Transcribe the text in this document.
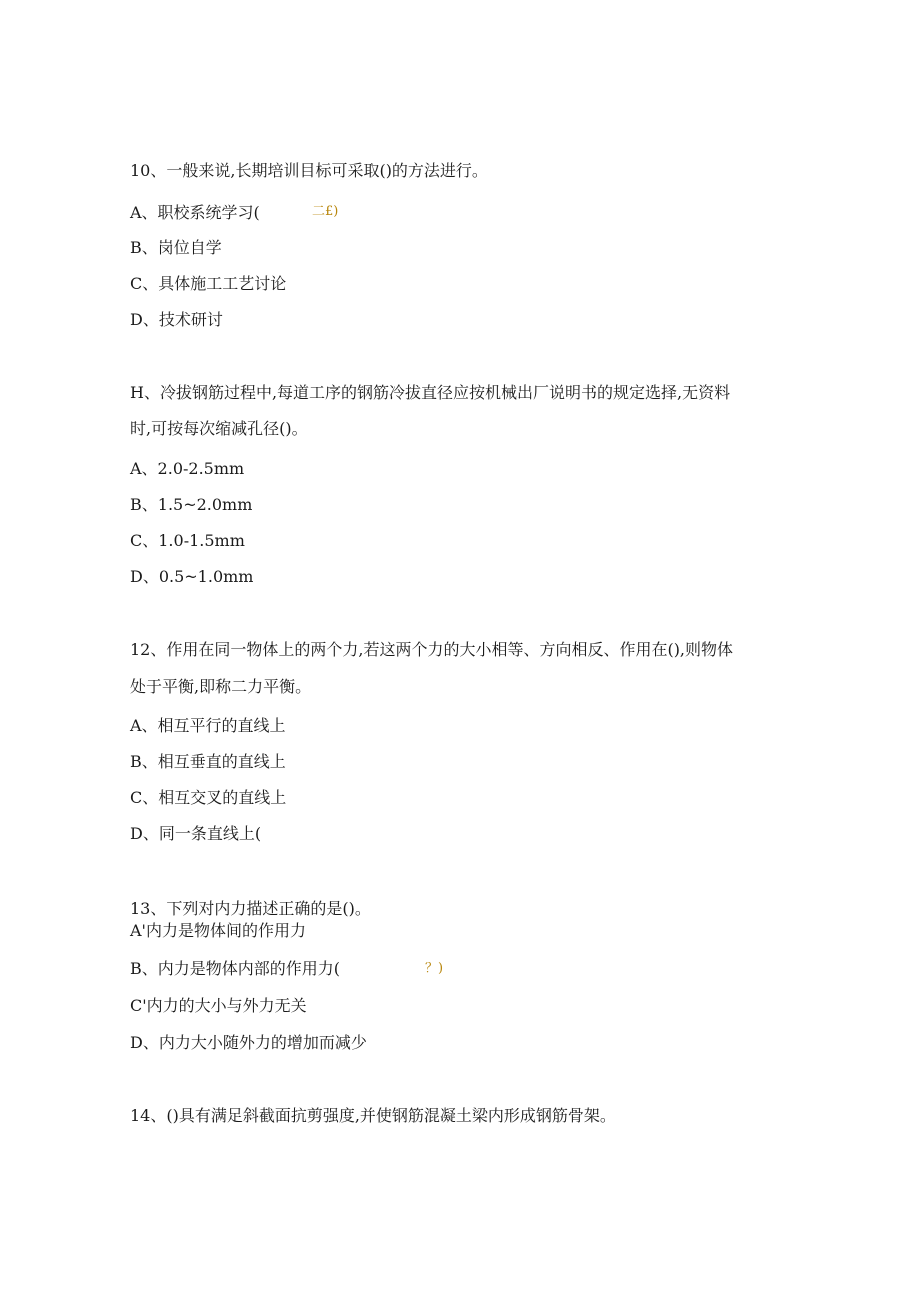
10、一般来说,长期培训目标可采取()的方法进行。
A、职校系统学习(	二£)
B、岗位自学
C、具体施工工艺讨论
D、技术研讨
H、冷拔钢筋过程中,每道工序的钢筋冷拔直径应按机械出厂说明书的规定选择,无资料
时,可按每次缩减孔径()。
A、2.0-2.5mm
B、1.5~2.0mm
C、1.0-1.5mm
D、0.5~1.0mm
12、作用在同一物体上的两个力,若这两个力的大小相等、方向相反、作用在(),则物体
处于平衡,即称二力平衡。
A、相互平行的直线上
B、相互垂直的直线上
C、相互交叉的直线上
D、同一条直线上(
13、下列对内力描述正确的是()。
A'内力是物体间的作用力
B、内力是物体内部的作用力(	？)
C'内力的大小与外力无关
D、内力大小随外力的增加而减少
14、()具有满足斜截面抗剪强度,并使钢筋混凝土梁内形成钢筋骨架。
